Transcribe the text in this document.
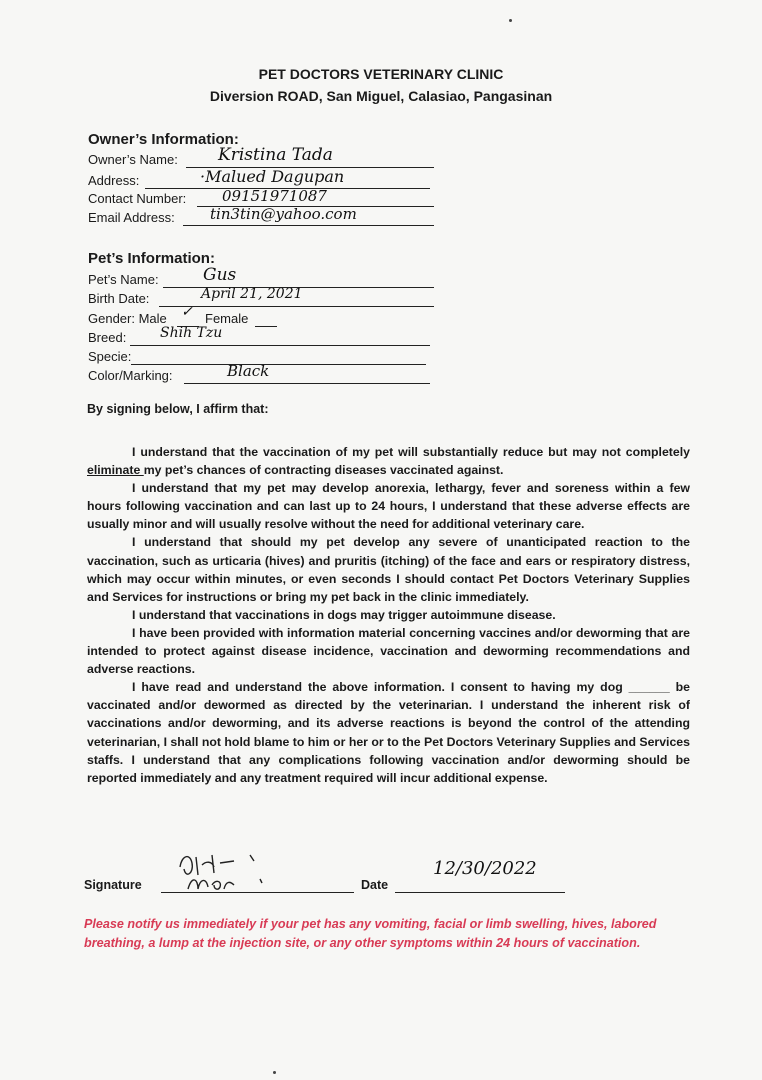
PET DOCTORS VETERINARY CLINIC
Diversion ROAD, San Miguel, Calasiao, Pangasinan
Owner’s Information:
Owner’s Name: Kristina Tada
Address:	·Malued Dagupan
Contact Number: 09151971087
Email Address: tin3tin@yahoo.com
Pet’s Information:
Pet’s Name:	Gus
Birth Date:	April 21, 2021
Gender: Male ✓ Female
Breed: Shih Tzu
Specie:
Color/Marking:	Black
By signing below, I affirm that:

I understand that the vaccination of my pet will substantially reduce but may not completely eliminate my pet’s chances of contracting diseases vaccinated against.

I understand that my pet may develop anorexia, lethargy, fever and soreness within a few hours following vaccination and can last up to 24 hours, I understand that these adverse effects are usually minor and will usually resolve without the need for additional veterinary care.

I understand that should my pet develop any severe of unanticipated reaction to the vaccination, such as urticaria (hives) and pruritis (itching) of the face and ears or respiratory distress, which may occur within minutes, or even seconds I should contact Pet Doctors Veterinary Supplies and Services for instructions or bring my pet back in the clinic immediately.

I understand that vaccinations in dogs may trigger autoimmune disease.

I have been provided with information material concerning vaccines and/or deworming that are intended to protect against disease incidence, vaccination and deworming recommendations and adverse reactions.

I have read and understand the above information. I consent to having my dog ______ be vaccinated and/or dewormed as directed by the veterinarian. I understand the inherent risk of vaccinations and/or deworming, and its adverse reactions is beyond the control of the attending veterinarian, I shall not hold blame to him or her or to the Pet Doctors Veterinary Supplies and Services staffs. I understand that any complications following vaccination and/or deworming should be reported immediately and any treatment required will incur additional expense.

Signature	Date
12/30/2022
Please notify us immediately if your pet has any vomiting, facial or limb swelling, hives, labored breathing, a lump at the injection site, or any other symptoms within 24 hours of vaccination.
